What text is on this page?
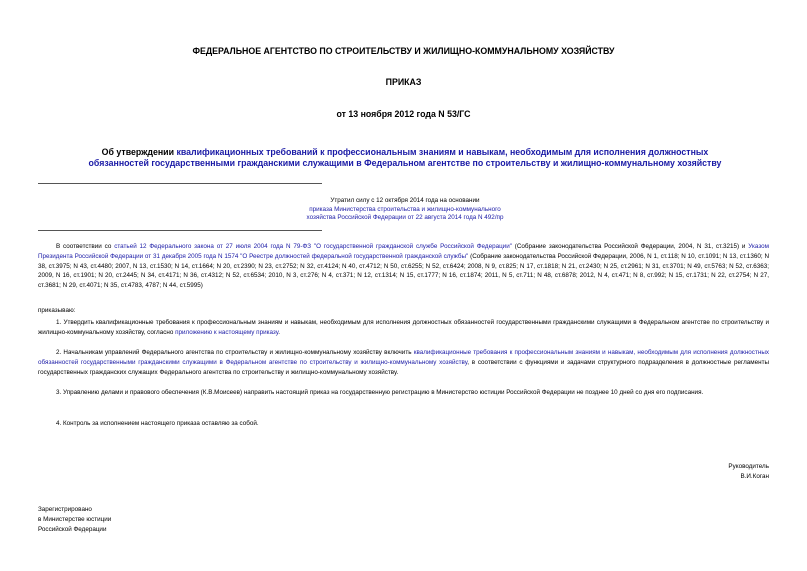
ФЕДЕРАЛЬНОЕ АГЕНТСТВО ПО СТРОИТЕЛЬСТВУ И ЖИЛИЩНО-КОММУНАЛЬНОМУ ХОЗЯЙСТВУ
ПРИКАЗ
от 13 ноября 2012 года N 53/ГС
Об утверждении квалификационных требований к профессиональным знаниям и навыкам, необходимым для исполнения должностных обязанностей государственными гражданскими служащими в Федеральном агентстве по строительству и жилищно-коммунальному хозяйству
Утратил силу с 12 октября 2014 года на основании
приказа Министерства строительства и жилищно-коммунального
хозяйства Российской Федерации от 22 августа 2014 года N 492/пр
В соответствии со статьей 12 Федерального закона от 27 июля 2004 года N 79-ФЗ "О государственной гражданской службе Российской Федерации" (Собрание законодательства Российской Федерации, 2004, N 31, ст.3215) и Указом Президента Российской Федерации от 31 декабря 2005 года N 1574 "О Реестре должностей федеральной государственной гражданской службы" (Собрание законодательства Российской Федерации, 2006, N 1, ст.118; N 10, ст.1091; N 13, ст.1360; N 38, ст.3975; N 43, ст.4480; 2007, N 13, ст.1530; N 14, ст.1664; N 20, ст.2390; N 23, ст.2752; N 32, ст.4124; N 40, ст.4712; N 50, ст.6255; N 52, ст.6424; 2008, N 9, ст.825; N 17, ст.1818; N 21, ст.2430; N 25, ст.2961; N 31, ст.3701; N 49, ст.5763; N 52, ст.6363; 2009, N 16, ст.1901; N 20, ст.2445; N 34, ст.4171; N 36, ст.4312; N 52, ст.6534; 2010, N 3, ст.276; N 4, ст.371; N 12, ст.1314; N 15, ст.1777; N 16, ст.1874; 2011, N 5, ст.711; N 48, ст.6878; 2012, N 4, ст.471; N 8, ст.992; N 15, ст.1731; N 22, ст.2754; N 27, ст.3681; N 29, ст.4071; N 35, ст.4783, 4787; N 44, ст.5995)
приказываю:
1. Утвердить квалификационные требования к профессиональным знаниям и навыкам, необходимым для исполнения должностных обязанностей государственными гражданскими служащими в Федеральном агентстве по строительству и жилищно-коммунальному хозяйству, согласно приложению к настоящему приказу.
2. Начальникам управлений Федерального агентства по строительству и жилищно-коммунальному хозяйству включить квалификационные требования к профессиональным знаниям и навыкам, необходимым для исполнения должностных обязанностей государственными гражданскими служащими в Федеральном агентстве по строительству и жилищно-коммунальному хозяйству, в соответствии с функциями и задачами структурного подразделения в должностные регламенты государственных гражданских служащих Федерального агентства по строительству и жилищно-коммунальному хозяйству.
3. Управлению делами и правового обеспечения (К.В.Моисеев) направить настоящий приказ на государственную регистрацию в Министерство юстиции Российской Федерации не позднее 10 дней со дня его подписания.
4. Контроль за исполнением настоящего приказа оставляю за собой.
Руководитель
В.И.Коган
Зарегистрировано
в Министерстве юстиции
Российской Федерации
